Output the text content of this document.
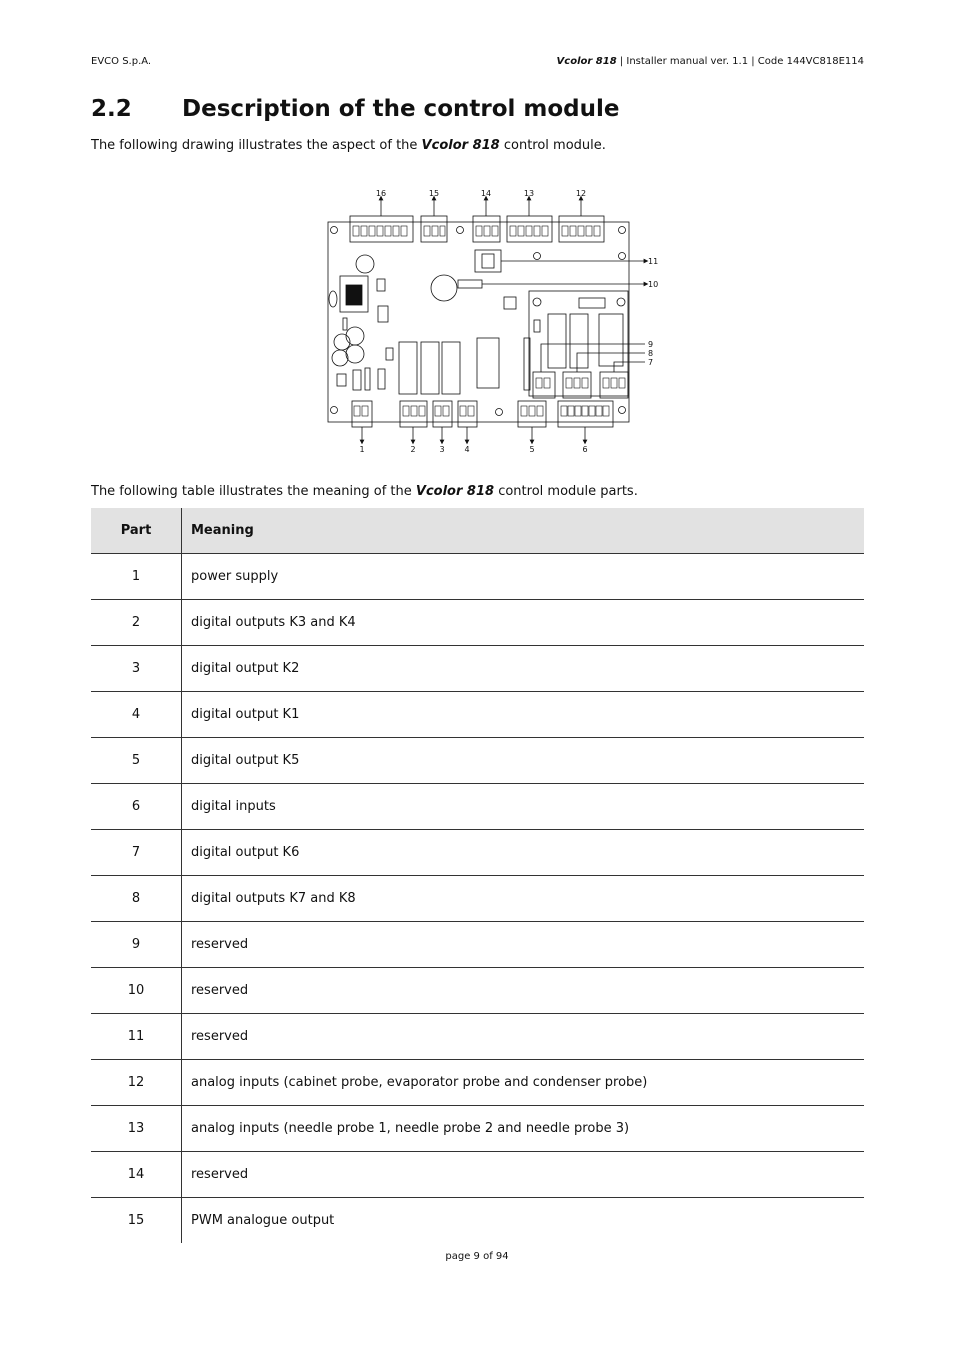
EVCO S.p.A.	Vcolor 818 | Installer manual ver. 1.1 | Code 144VC818E114
2.2 Description of the control module

The following drawing illustrates the aspect of the Vcolor 818 control module.

16	15	14	13	12
11
10
9
8
7
1	2	3 4	5	6

The following table illustrates the meaning of the Vcolor 818 control module parts.

Part	Meaning
1	power supply
2	digital outputs K3 and K4
3	digital output K2
4	digital output K1
5	digital output K5
6	digital inputs
7	digital output K6
8	digital outputs K7 and K8
9	reserved
10	reserved
11	reserved
12	analog inputs (cabinet probe, evaporator probe and condenser probe)
13	analog inputs (needle probe 1, needle probe 2 and needle probe 3)
14	reserved
15	PWM analogue output
page 9 of 94
